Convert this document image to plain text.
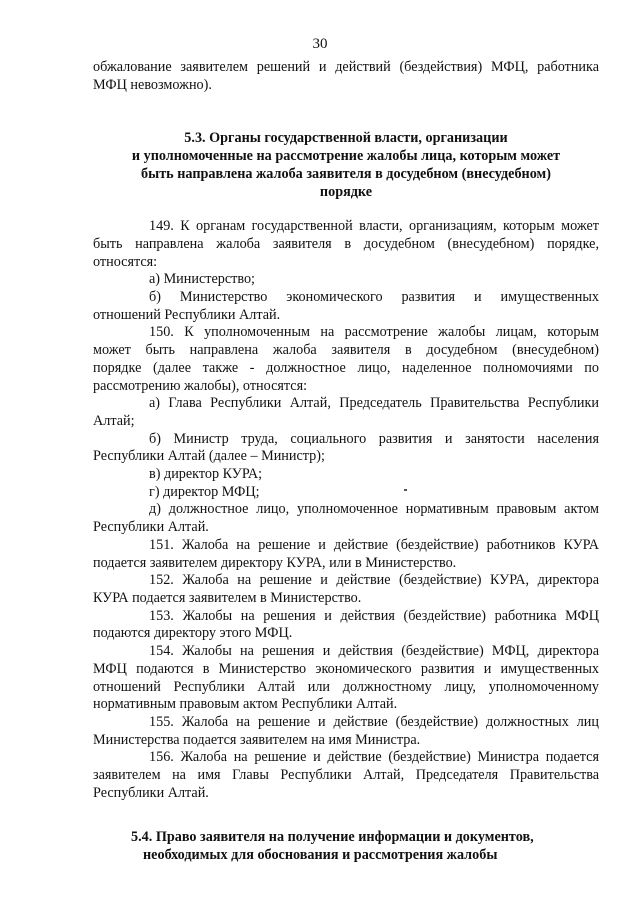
30
обжалование заявителем решений и действий (бездействия) МФЦ, работника
МФЦ невозможно).
5.3. Органы государственной власти, организации
и уполномоченные на рассмотрение жалобы лица, которым может
быть направлена жалоба заявителя в досудебном (внесудебном)
порядке
149. К органам государственной власти, организациям, которым может
быть направлена жалоба заявителя в досудебном (внесудебном) порядке,
относятся:
а) Министерство;
б) Министерство экономического развития и имущественных
отношений Республики Алтай.
150. К уполномоченным на рассмотрение жалобы лицам, которым
может быть направлена жалоба заявителя в досудебном (внесудебном)
порядке (далее также - должностное лицо, наделенное полномочиями по
рассмотрению жалобы), относятся:
а) Глава Республики Алтай, Председатель Правительства Республики
Алтай;
б) Министр труда, социального развития и занятости населения
Республики Алтай (далее – Министр);
в) директор КУРА;
г) директор МФЦ;
д) должностное лицо, уполномоченное нормативным правовым актом
Республики Алтай.
151. Жалоба на решение и действие (бездействие) работников КУРА
подается заявителем директору КУРА, или в Министерство.
152. Жалоба на решение и действие (бездействие) КУРА, директора
КУРА подается заявителем в Министерство.
153. Жалобы на решения и действия (бездействие) работника МФЦ
подаются директору этого МФЦ.
154. Жалобы на решения и действия (бездействие) МФЦ, директора
МФЦ подаются в Министерство экономического развития и имущественных
отношений Республики Алтай или должностному лицу, уполномоченному
нормативным правовым актом Республики Алтай.
155. Жалоба на решение и действие (бездействие) должностных лиц
Министерства подается заявителем на имя Министра.
156. Жалоба на решение и действие (бездействие) Министра подается
заявителем на имя Главы Республики Алтай, Председателя Правительства
Республики Алтай.
5.4. Право заявителя на получение информации и документов,
необходимых для обоснования и рассмотрения жалобы
